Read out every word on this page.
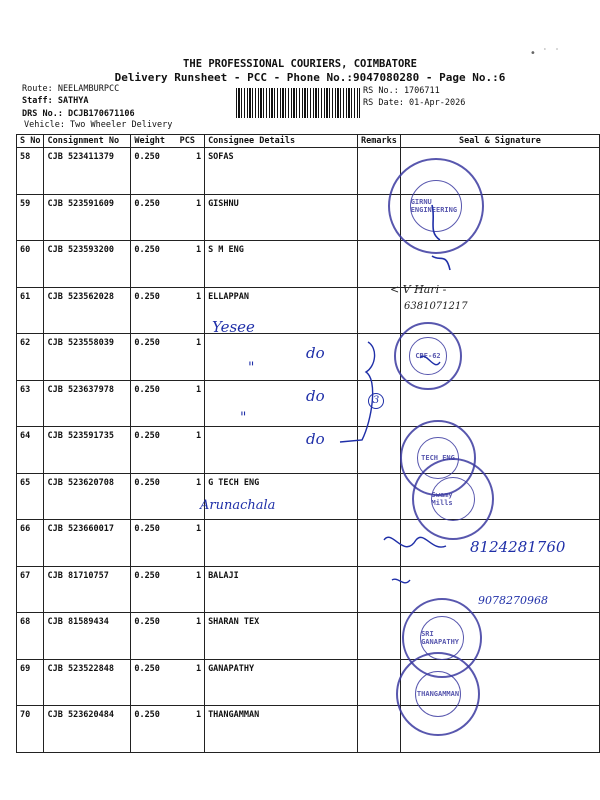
• ˙ ˙
THE PROFESSIONAL COURIERS, COIMBATORE
Delivery Runsheet - PCC - Phone No.:9047080280 - Page No.:6
Route: NEELAMBURPCC
Staff: SATHYA
DRS No.: DCJB170671106
Vehicle: Two Wheeler Delivery
RS No.: 1706711
RS Date: 01-Apr-2026
S No	Consignment No	Weight	PCS	Consignee Details	Remarks	Seal & Signature
58	CJB 523411379	0.250	1	SOFAS		
59	CJB 523591609	0.250	1	GISHNU		
60	CJB 523593200	0.250	1	S M ENG		
61	CJB 523562028	0.250	1	ELLAPPAN		
62	CJB 523558039	0.250	1			
63	CJB 523637978	0.250	1			
64	CJB 523591735	0.250	1			
65	CJB 523620708	0.250	1	G TECH ENG		
66	CJB 523660017	0.250	1			
67	CJB 81710757	0.250	1	BALAJI		
68	CJB 81589434	0.250	1	SHARAN TEX		
69	CJB 523522848	0.250	1	GANAPATHY		
70	CJB 523620484	0.250	1	THANGAMMAN		
Yesee
do
"
do	3
"
do
Arunachala
< V Hari -
6381071217
8124281760
9078270968
GIRNU ENGINEERING
CBE-62
TECH ENG
Swamy Mills
SRI GANAPATHY
THANGAMMAN
